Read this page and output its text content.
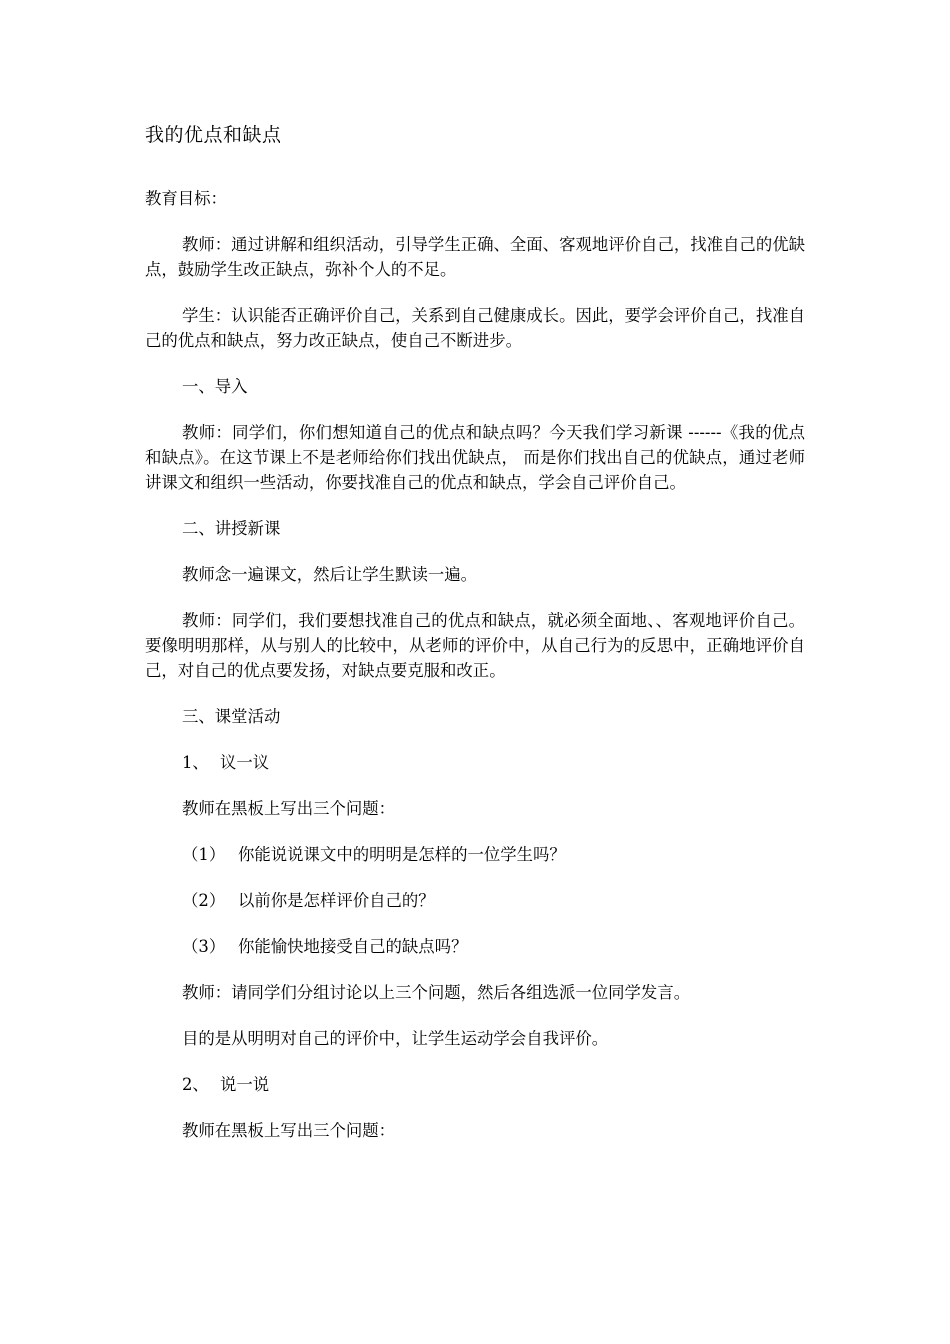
我的优点和缺点
教育目标：
教师：通过讲解和组织活动，引导学生正确、全面、客观地评价自己，找准自己的优缺点，鼓励学生改正缺点，弥补个人的不足。
学生：认识能否正确评价自己，关系到自己健康成长。因此，要学会评价自己，找准自己的优点和缺点，努力改正缺点，使自己不断进步。
一、导入
教师：同学们，你们想知道自己的优点和缺点吗？今天我们学习新课 ------《我的优点和缺点》。在这节课上不是老师给你们找出优缺点， 而是你们找出自己的优缺点，通过老师讲课文和组织一些活动，你要找准自己的优点和缺点，学会自己评价自己。
二、讲授新课
教师念一遍课文，然后让学生默读一遍。
教师：同学们，我们要想找准自己的优点和缺点，就必须全面地、、客观地评价自己。要像明明那样，从与别人的比较中，从老师的评价中，从自己行为的反思中，正确地评价自己，对自己的优点要发扬，对缺点要克服和改正。
三、课堂活动
1、 议一议
教师在黑板上写出三个问题：
（1） 你能说说课文中的明明是怎样的一位学生吗？
（2） 以前你是怎样评价自己的？
（3） 你能愉快地接受自己的缺点吗？
教师：请同学们分组讨论以上三个问题，然后各组选派一位同学发言。
目的是从明明对自己的评价中，让学生运动学会自我评价。
2、 说一说
教师在黑板上写出三个问题：
